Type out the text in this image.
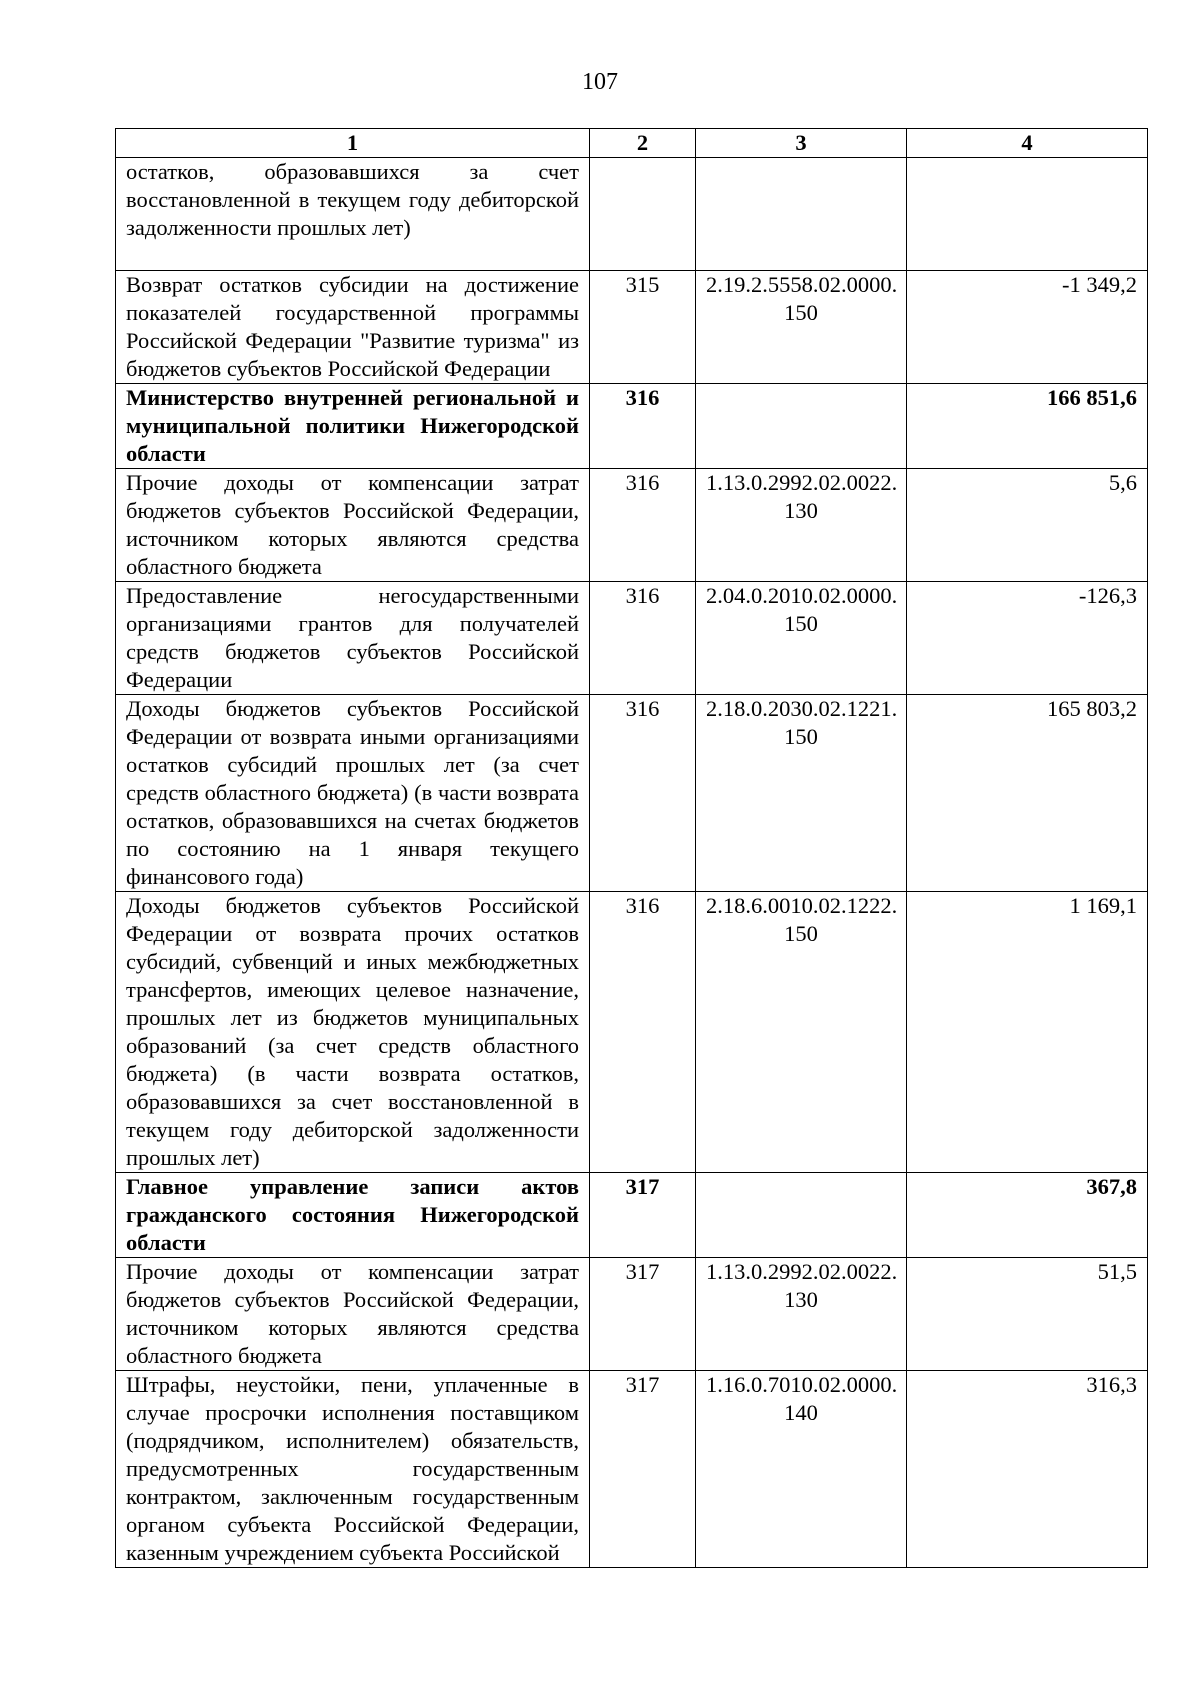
107
1	2	3	4
остатков, образовавшихся за счет восстановленной в текущем году дебиторской задолженности прошлых лет)			
Возврат остатков субсидии на достижение показателей государственной программы Российской Федерации "Развитие туризма" из бюджетов субъектов Российской Федерации	315	2.19.2.5558.02.0000. 150	-1 349,2
Министерство внутренней региональной и муниципальной политики Нижегородской области	316		166 851,6
Прочие доходы от компенсации затрат бюджетов субъектов Российской Федерации, источником которых являются средства областного бюджета	316	1.13.0.2992.02.0022. 130	5,6
Предоставление негосударственными организациями грантов для получателей средств бюджетов субъектов Российской Федерации	316	2.04.0.2010.02.0000. 150	-126,3
Доходы бюджетов субъектов Российской Федерации от возврата иными организациями остатков субсидий прошлых лет (за счет средств областного бюджета) (в части возврата остатков, образовавшихся на счетах бюджетов по состоянию на 1 января текущего финансового года)	316	2.18.0.2030.02.1221. 150	165 803,2
Доходы бюджетов субъектов Российской Федерации от возврата прочих остатков субсидий, субвенций и иных межбюджетных трансфертов, имеющих целевое назначение, прошлых лет из бюджетов муниципальных образований (за счет средств областного бюджета) (в части возврата остатков, образовавшихся за счет восстановленной в текущем году дебиторской задолженности прошлых лет)	316	2.18.6.0010.02.1222. 150	1 169,1
Главное управление записи актов гражданского состояния Нижегородской области	317		367,8
Прочие доходы от компенсации затрат бюджетов субъектов Российской Федерации, источником которых являются средства областного бюджета	317	1.13.0.2992.02.0022. 130	51,5
Штрафы, неустойки, пени, уплаченные в случае просрочки исполнения поставщиком (подрядчиком, исполнителем) обязательств, предусмотренных государственным контрактом, заключенным государственным органом субъекта Российской Федерации, казенным учреждением субъекта Российской	317	1.16.0.7010.02.0000. 140	316,3
